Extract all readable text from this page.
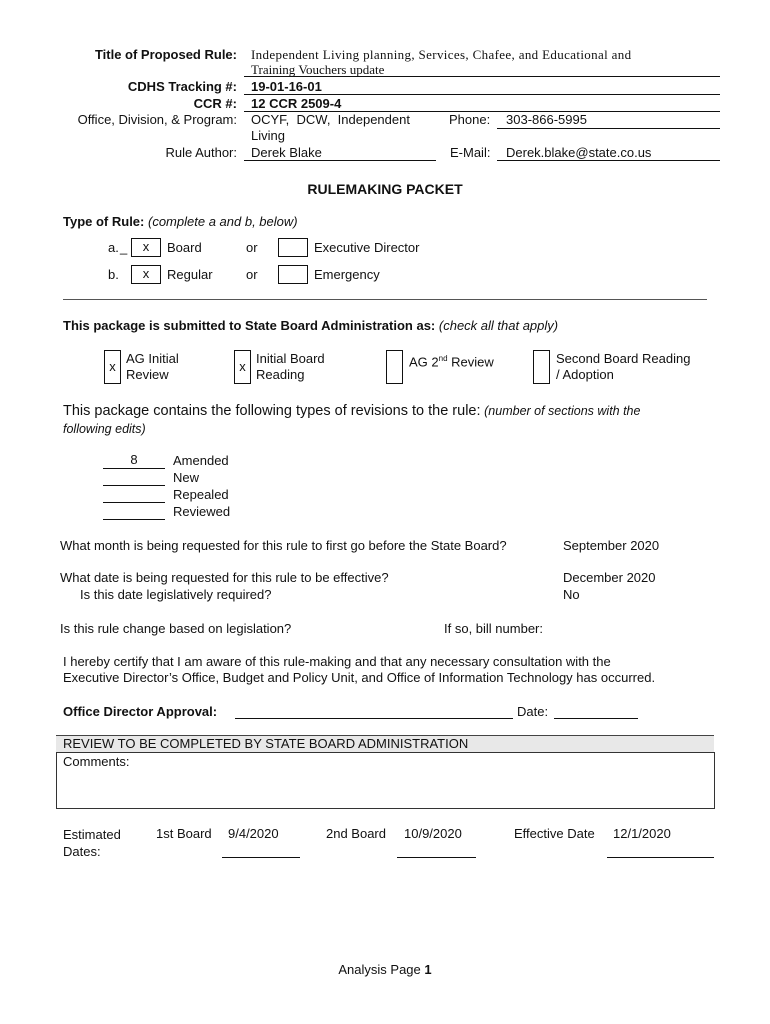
Title of Proposed Rule: Independent Living planning, Services, Chafee, and Educational and
Training Vouchers update
CDHS Tracking #: 19-01-16-01
CCR #: 12 CCR 2509-4
Office, Division, & Program: OCYF,  DCW,  Independent
Living
Phone: 303-866-5995
Rule Author: Derek Blake	E-Mail: Derek.blake@state.co.us
RULEMAKING PACKET
Type of Rule: (complete a and b, below)
a. _	x	Board	or	Executive Director
b.	x	Regular	or	Emergency
This package is submitted to State Board Administration as: (check all that apply)
x
AG Initial
Review
x
Initial Board
Reading
AG 2nd Review	Second Board Reading
/ Adoption
This package contains the following types of revisions to the rule: (number of sections with the
following edits)
8	Amended
New
Repealed
Reviewed
What month is being requested for this rule to first go before the State Board?	September 2020
What date is being requested for this rule to be effective?	December 2020
Is this date legislatively required?	No
Is this rule change based on legislation?	If so, bill number:
I hereby certify that I am aware of this rule-making and that any necessary consultation with the
Executive Director’s Office, Budget and Policy Unit, and Office of Information Technology has occurred.
Office Director Approval:	Date:
REVIEW TO BE COMPLETED BY STATE BOARD ADMINISTRATION
Comments:
Estimated
Dates:
1st Board 9/4/2020	2nd Board 10/9/2020	Effective Date 12/1/2020
Analysis Page 1
